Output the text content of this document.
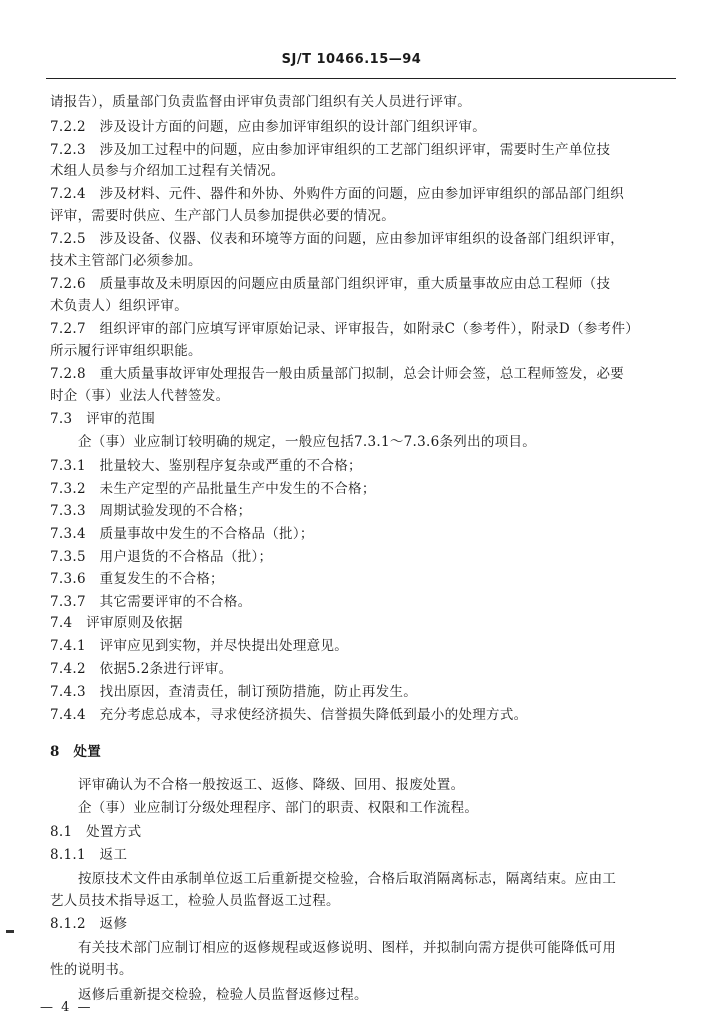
SJ/T 10466.15—94
请报告），质量部门负责监督由评审负责部门组织有关人员进行评审。
7.2.2　涉及设计方面的问题，应由参加评审组织的设计部门组织评审。
7.2.3　涉及加工过程中的问题，应由参加评审组织的工艺部门组织评审，需要时生产单位技
术组人员参与介绍加工过程有关情况。
7.2.4　涉及材料、元件、器件和外协、外购件方面的问题，应由参加评审组织的部品部门组织
评审，需要时供应、生产部门人员参加提供必要的情况。
7.2.5　涉及设备、仪器、仪表和环境等方面的问题，应由参加评审组织的设备部门组织评审，
技术主管部门必须参加。
7.2.6　质量事故及未明原因的问题应由质量部门组织评审，重大质量事故应由总工程师（技
术负责人）组织评审。
7.2.7　组织评审的部门应填写评审原始记录、评审报告，如附录C（参考件），附录D（参考件）
所示履行评审组织职能。
7.2.8　重大质量事故评审处理报告一般由质量部门拟制，总会计师会签，总工程师签发，必要
时企（事）业法人代替签发。
7.3　评审的范围
企（事）业应制订较明确的规定，一般应包括7.3.1～7.3.6条列出的项目。
7.3.1　批量较大、鉴别程序复杂或严重的不合格；
7.3.2　未生产定型的产品批量生产中发生的不合格；
7.3.3　周期试验发现的不合格；
7.3.4　质量事故中发生的不合格品（批）；
7.3.5　用户退货的不合格品（批）；
7.3.6　重复发生的不合格；
7.3.7　其它需要评审的不合格。
7.4　评审原则及依据
7.4.1　评审应见到实物，并尽快提出处理意见。
7.4.2　依据5.2条进行评审。
7.4.3　找出原因，查清责任，制订预防措施，防止再发生。
7.4.4　充分考虑总成本，寻求使经济损失、信誉损失降低到最小的处理方式。
8　处置
评审确认为不合格一般按返工、返修、降级、回用、报废处置。
企（事）业应制订分级处理程序、部门的职责、权限和工作流程。
8.1　处置方式
8.1.1　返工
按原技术文件由承制单位返工后重新提交检验，合格后取消隔离标志，隔离结束。应由工
艺人员技术指导返工，检验人员监督返工过程。
8.1.2　返修
有关技术部门应制订相应的返修规程或返修说明、图样，并拟制向需方提供可能降低可用
性的说明书。
返修后重新提交检验，检验人员监督返修过程。
— 4 —
